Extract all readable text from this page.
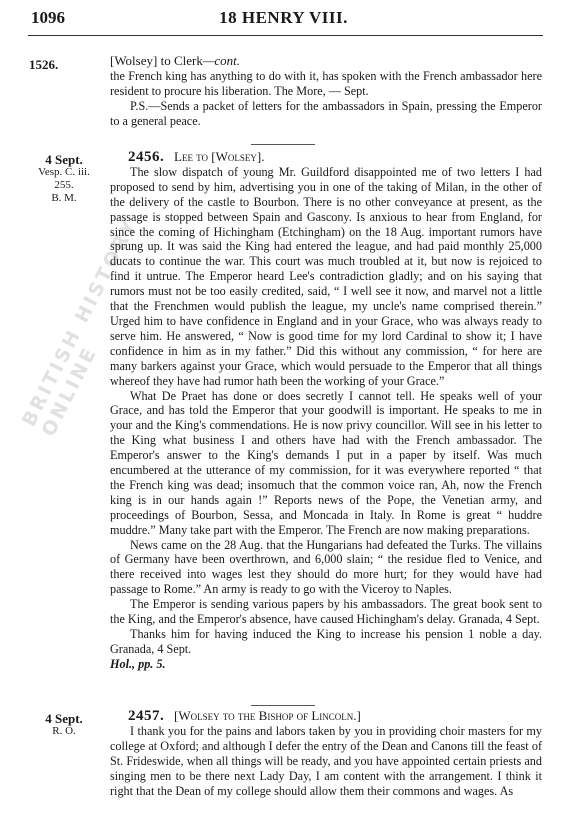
1096	18 HENRY VIII.
BRITISH HISTORY ONLINE
1526.	[Wolsey] to Clerk—cont.

the French king has anything to do with it, has spoken with the French ambassador here resident to procure his liberation. The More, — Sept.

P.S.—Sends a packet of letters for the ambassadors in Spain, pressing the Emperor to a general peace.

4 Sept.
Vesp. C. iii.
255.
B. M.

2456. Lee to [Wolsey].

The slow dispatch of young Mr. Guildford disappointed me of two letters I had proposed to send by him, advertising you in one of the taking of Milan, in the other of the delivery of the castle to Bourbon. There is no other conveyance at present, as the passage is stopped between Spain and Gascony. Is anxious to hear from England, for since the coming of Hichingham (Etchingham) on the 18 Aug. important rumors have sprung up. It was said the King had entered the league, and had paid monthly 25,000 ducats to continue the war. This court was much troubled at it, but now is rejoiced to find it untrue. The Emperor heard Lee's contradiction gladly; and on his saying that rumors must not be too easily credited, said, “ I well see it now, and marvel not a little that the Frenchmen would publish the league, my uncle's name comprised therein.” Urged him to have confidence in England and in your Grace, who was always ready to serve him. He answered, “ Now is good time for my lord Cardinal to show it; I have confidence in him as in my father.” Did this without any commission, “ for here are many barkers against your Grace, which would persuade to the Emperor that all things whereof they have had rumor hath been the working of your Grace.”

What De Praet has done or does secretly I cannot tell. He speaks well of your Grace, and has told the Emperor that your goodwill is important. He speaks to me in your and the King's commendations. He is now privy councillor. Will see in his letter to the King what business I and others have had with the French ambassador. The Emperor's answer to the King's demands I put in a paper by itself. Was much encumbered at the utterance of my commission, for it was everywhere reported “ that the French king was dead; insomuch that the common voice ran, Ah, now the French king is in our hands again !” Reports news of the Pope, the Venetian army, and proceedings of Bourbon, Sessa, and Moncada in Italy. In Rome is great “ huddre muddre.” Many take part with the Emperor. The French are now making preparations.

News came on the 28 Aug. that the Hungarians had defeated the Turks. The villains of Germany have been overthrown, and 6,000 slain; “ the residue fled to Venice, and there received into wages lest they should do more hurt; for they would have had passage to Rome.” An army is ready to go with the Viceroy to Naples.

The Emperor is sending various papers by his ambassadors. The great book sent to the King, and the Emperor's absence, have caused Hichingham's delay. Granada, 4 Sept.

Thanks him for having induced the King to increase his pension 1 noble a day. Granada, 4 Sept.

Hol., pp. 5.

4 Sept.
R. O.

2457. [Wolsey to the Bishop of Lincoln.]

I thank you for the pains and labors taken by you in providing choir masters for my college at Oxford; and although I defer the entry of the Dean and Canons till the feast of St. Frideswide, when all things will be ready, and you have appointed certain priests and singing men to be there next Lady Day, I am content with the arrangement. I think it right that the Dean of my college should allow them their commons and wages. As
